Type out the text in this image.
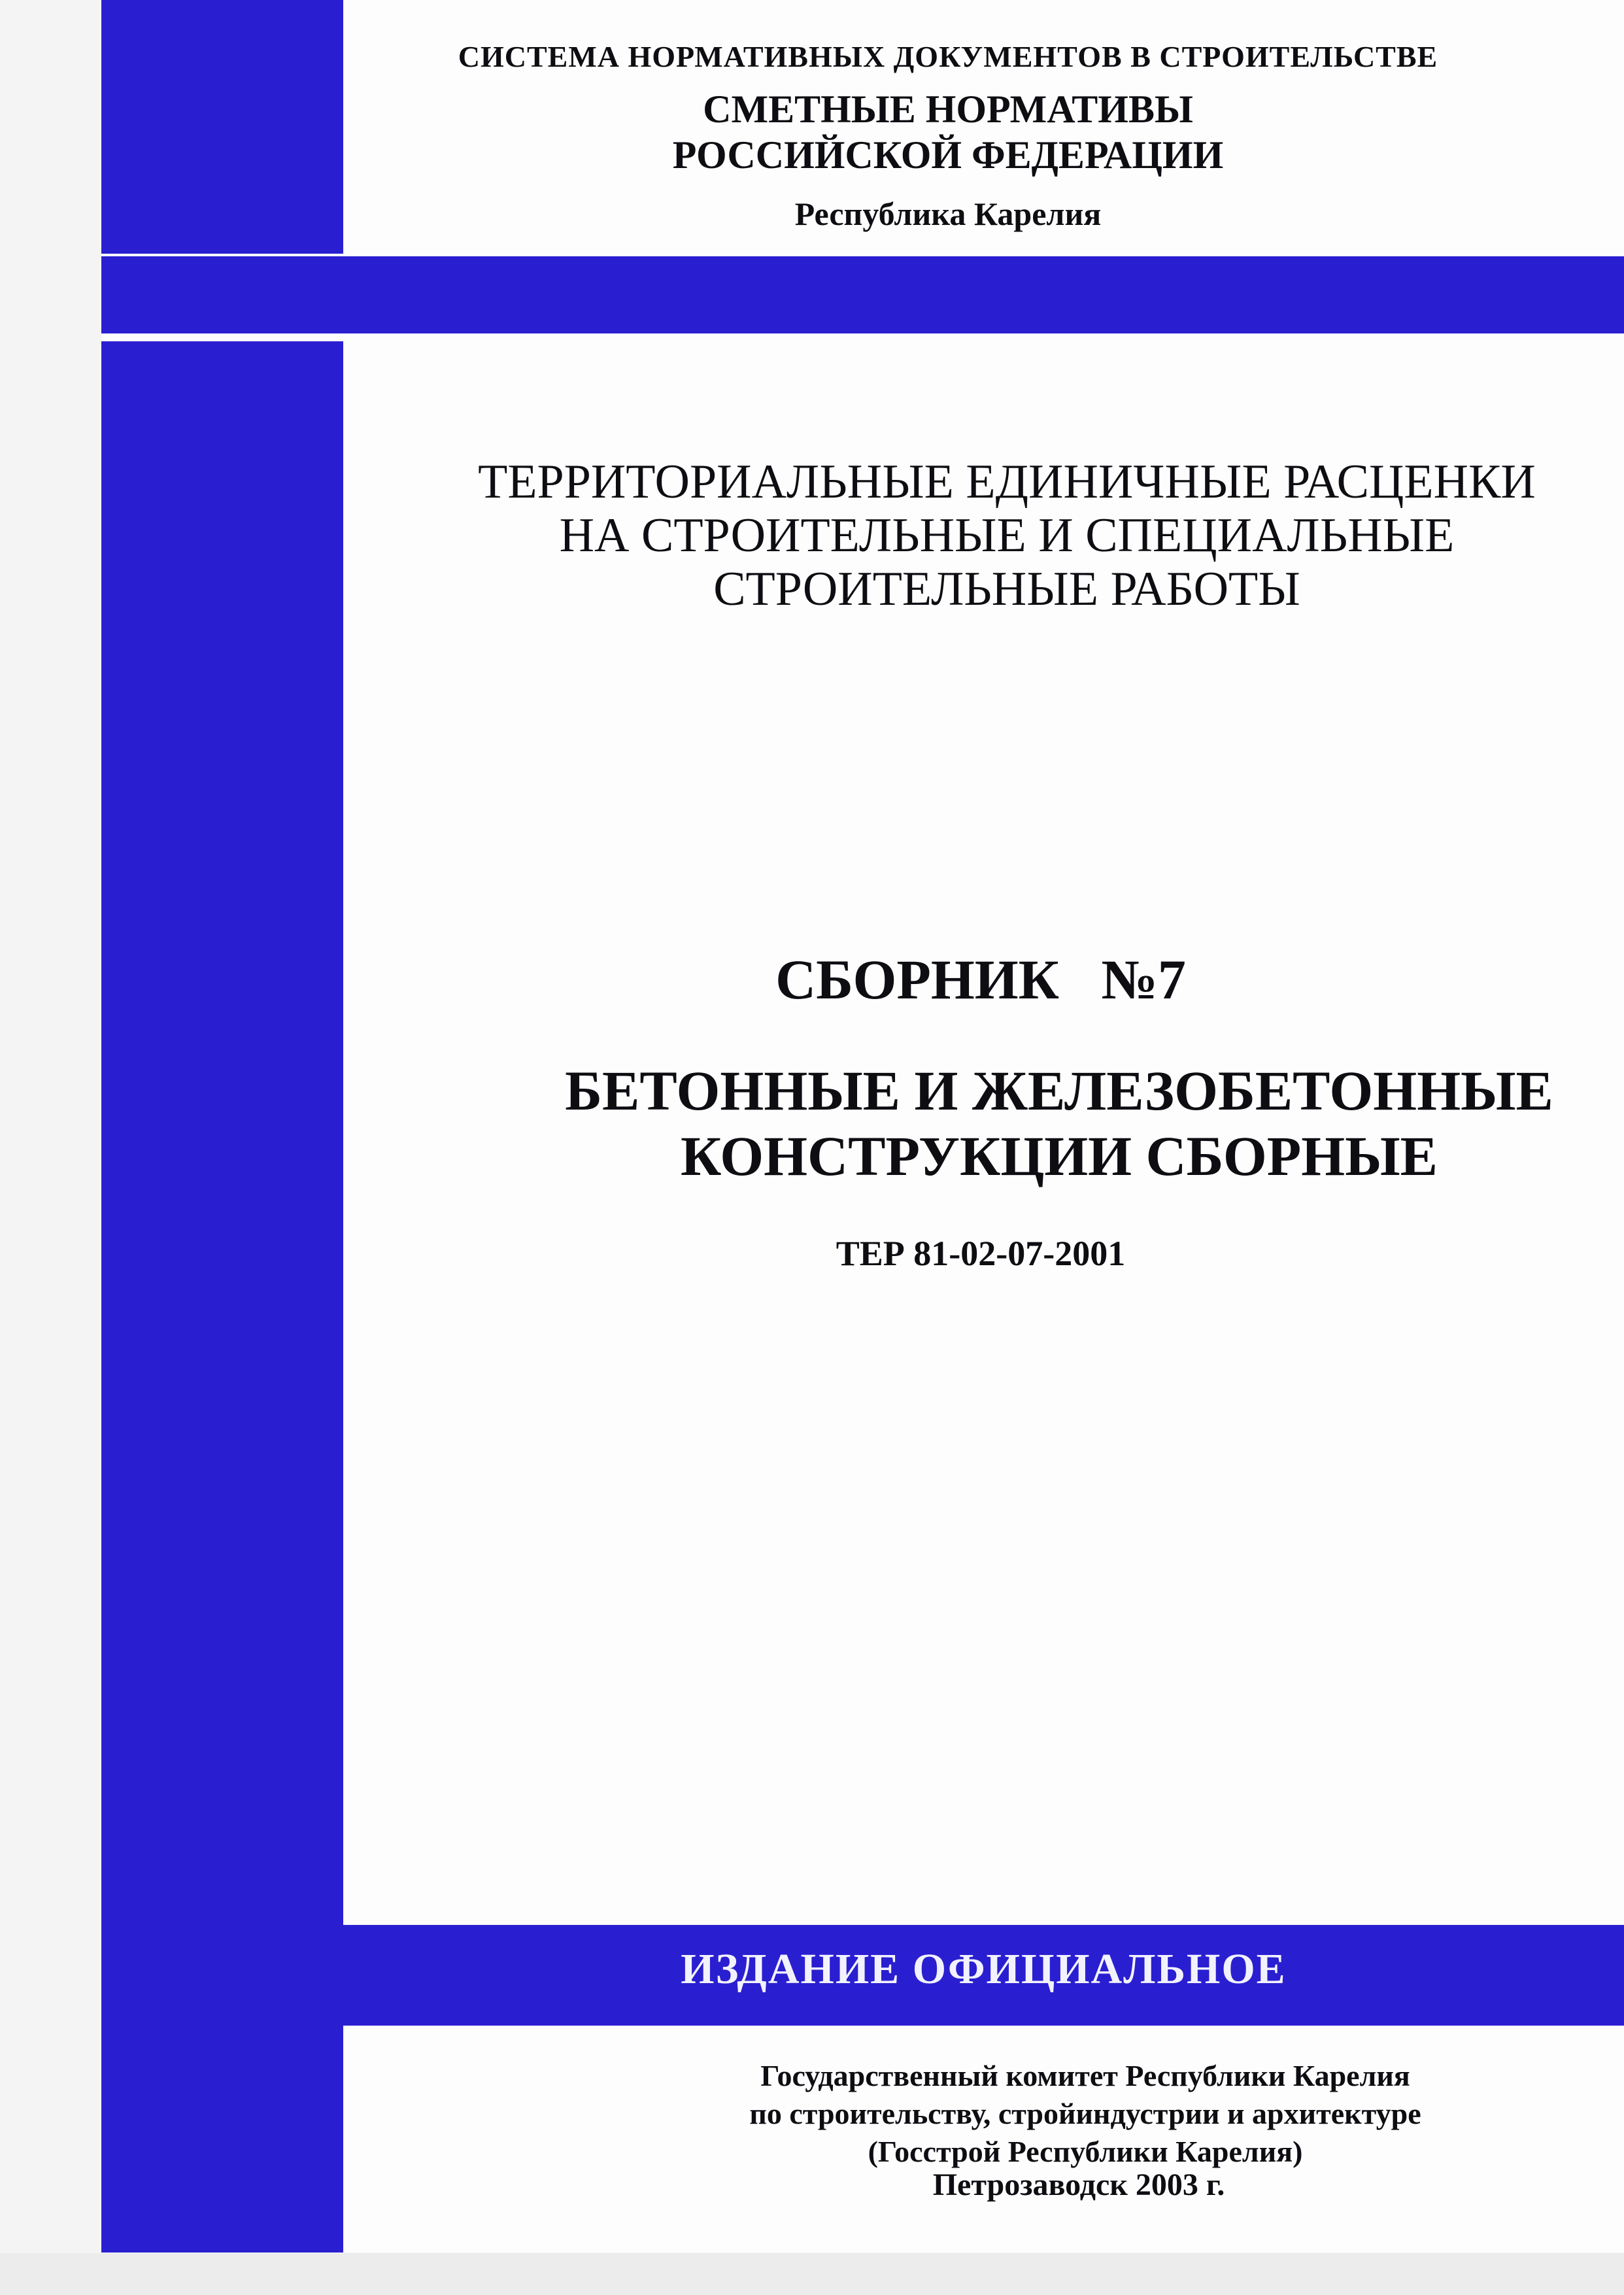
СИСТЕМА НОРМАТИВНЫХ ДОКУМЕНТОВ В СТРОИТЕЛЬСТВЕ

СМЕТНЫЕ НОРМАТИВЫ
РОССИЙСКОЙ ФЕДЕРАЦИИ

Республика Карелия

ТЕРРИТОРИАЛЬНЫЕ ЕДИНИЧНЫЕ РАСЦЕНКИ
НА СТРОИТЕЛЬНЫЕ И СПЕЦИАЛЬНЫЕ
СТРОИТЕЛЬНЫЕ РАБОТЫ

СБОРНИК   №7

БЕТОННЫЕ И ЖЕЛЕЗОБЕТОННЫЕ
КОНСТРУКЦИИ СБОРНЫЕ

ТЕР 81-02-07-2001

ИЗДАНИЕ ОФИЦИАЛЬНОЕ

Государственный комитет Республики Карелия
по строительству, стройиндустрии и архитектуре
(Госстрой Республики Карелия)

Петрозаводск 2003 г.
